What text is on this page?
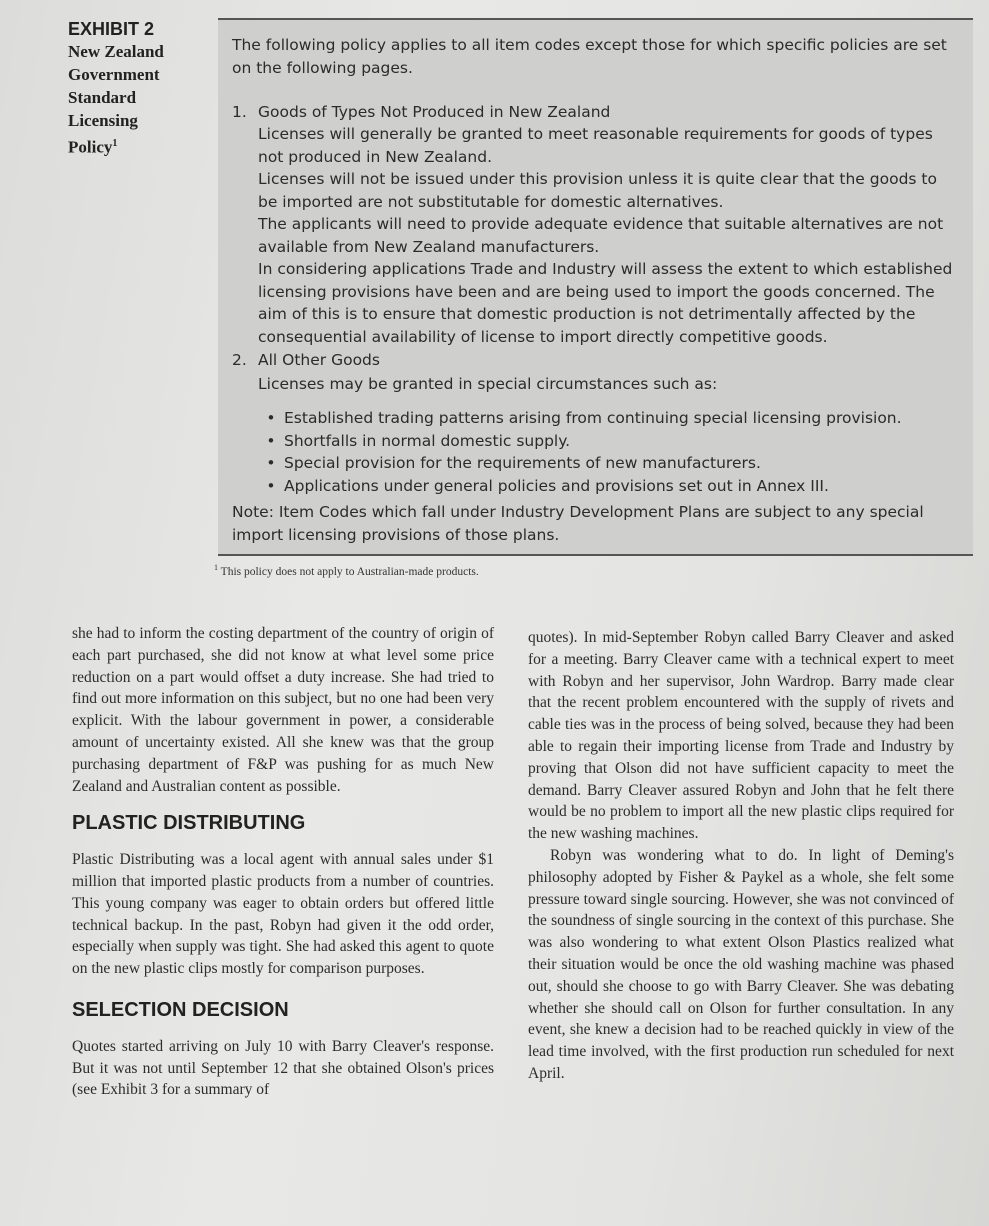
EXHIBIT 2
New Zealand
Government
Standard
Licensing
Policy$^1$
The following policy applies to all item codes except those for which specific policies are set on the following pages.
1. Goods of Types Not Produced in New Zealand
Licenses will generally be granted to meet reasonable requirements for goods of types not produced in New Zealand.
Licenses will not be issued under this provision unless it is quite clear that the goods to be imported are not substitutable for domestic alternatives.
The applicants will need to provide adequate evidence that suitable alternatives are not available from New Zealand manufacturers.
In considering applications Trade and Industry will assess the extent to which established licensing provisions have been and are being used to import the goods concerned. The aim of this is to ensure that domestic production is not detrimentally affected by the consequential availability of license to import directly competitive goods.
2. All Other Goods
Licenses may be granted in special circumstances such as:
• Established trading patterns arising from continuing special licensing provision.
• Shortfalls in normal domestic supply.
• Special provision for the requirements of new manufacturers.
• Applications under general policies and provisions set out in Annex III.
Note: Item Codes which fall under Industry Development Plans are subject to any special import licensing provisions of those plans.
$^1$ This policy does not apply to Australian-made products.

she had to inform the costing department of the country of origin of each part purchased, she did not know at what level some price reduction on a part would offset a duty increase. She had tried to find out more information on this subject, but no one had been very explicit. With the labour government in power, a considerable amount of uncertainty existed. All she knew was that the group purchasing department of F&P was pushing for as much New Zealand and Australian content as possible.

PLASTIC DISTRIBUTING

Plastic Distributing was a local agent with annual sales under $1 million that imported plastic products from a number of countries. This young company was eager to obtain orders but offered little technical backup. In the past, Robyn had given it the odd order, especially when supply was tight. She had asked this agent to quote on the new plastic clips mostly for comparison purposes.

SELECTION DECISION

Quotes started arriving on July 10 with Barry Cleaver's response. But it was not until September 12 that she obtained Olson's prices (see Exhibit 3 for a summary of

quotes). In mid-September Robyn called Barry Cleaver and asked for a meeting. Barry Cleaver came with a technical expert to meet with Robyn and her supervisor, John Wardrop. Barry made clear that the recent problem encountered with the supply of rivets and cable ties was in the process of being solved, because they had been able to regain their importing license from Trade and Industry by proving that Olson did not have sufficient capacity to meet the demand. Barry Cleaver assured Robyn and John that he felt there would be no problem to import all the new plastic clips required for the new washing machines.

Robyn was wondering what to do. In light of Deming's philosophy adopted by Fisher & Paykel as a whole, she felt some pressure toward single sourcing. However, she was not convinced of the soundness of single sourcing in the context of this purchase. She was also wondering to what extent Olson Plastics realized what their situation would be once the old washing machine was phased out, should she choose to go with Barry Cleaver. She was debating whether she should call on Olson for further consultation. In any event, she knew a decision had to be reached quickly in view of the lead time involved, with the first production run scheduled for next April.
